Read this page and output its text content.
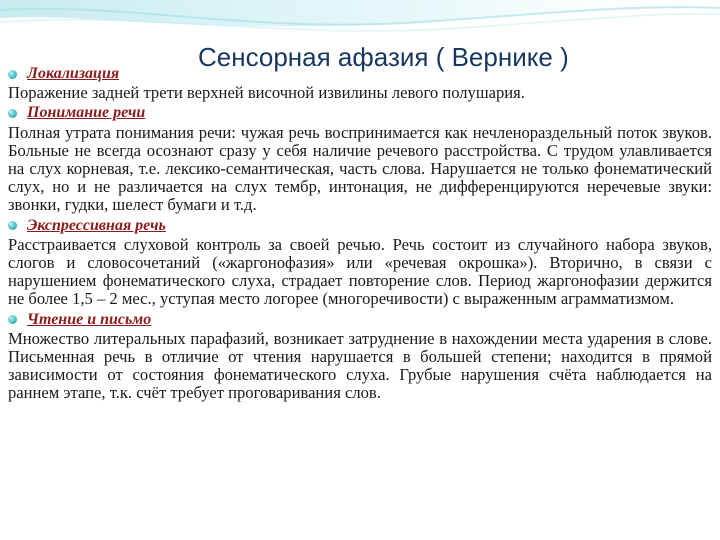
Сенсорная афазия ( Вернике )
Локализация

Поражение задней трети верхней височной извилины левого полушария.

Понимание речи

Полная утрата понимания речи: чужая речь воспринимается как нечленораздельный поток звуков. Больные не всегда осознают сразу у себя наличие речевого расстройства. С трудом улавливается на слух корневая, т.е. лексико-семантическая, часть слова. Нарушается не только фонематический слух, но и не различается на слух тембр, интонация, не дифференцируются неречевые звуки: звонки, гудки, шелест бумаги и т.д.

Экспрессивная речь

Расстраивается слуховой контроль за своей речью. Речь состоит из случайного набора звуков, слогов и словосочетаний («жаргонофазия» или «речевая окрошка»). Вторично, в связи с нарушением фонематического слуха, страдает повторение слов. Период жаргонофазии держится не более 1,5 – 2 мес., уступая место логорее (многоречивости) с выраженным аграмматизмом.

Чтение и письмо

Множество литеральных парафазий, возникает затруднение в нахождении места ударения в слове. Письменная речь в отличие от чтения нарушается в большей степени; находится в прямой зависимости от состояния фонематического слуха. Грубые нарушения счёта наблюдается на раннем этапе, т.к. счёт требует проговаривания слов.
